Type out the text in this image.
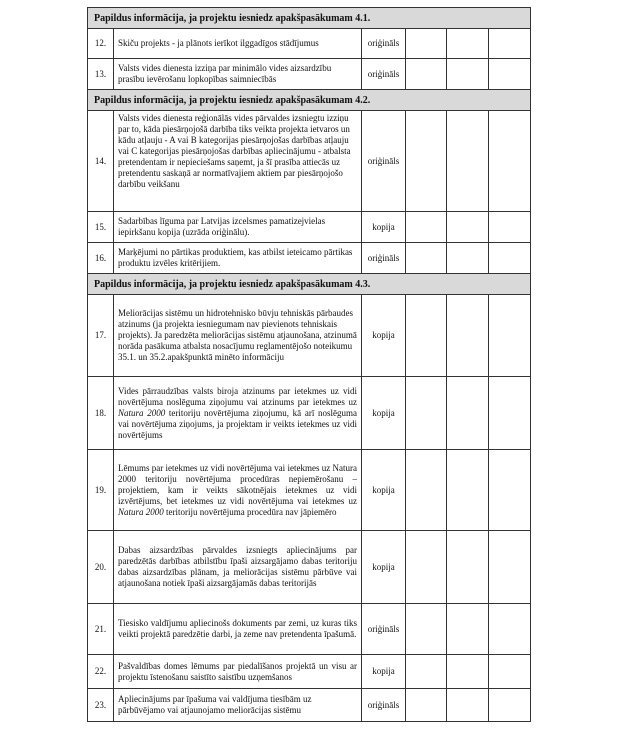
Papildus informācija, ja projektu iesniedz apakšpasākumam 4.1.					
12.	Skiču projekts - ja plānots ierīkot ilggadīgos stādījumus	oriģināls			
13.	Valsts vides dienesta izziņa par minimālo vides aizsardzību prasību ievērošanu lopkopības saimniecībās	oriģināls			
Papildus informācija, ja projektu iesniedz apakšpasākumam 4.2.					
14.	Valsts vides dienesta reģionālās vides pārvaldes izsniegtu izziņu par to, kāda piesārņojošā darbība tiks veikta projekta ietvaros un kādu atļauju - A vai B kategorijas piesārņojošas darbības atļauju vai C kategorijas piesārņojošas darbības apliecinājumu - atbalsta pretendentam ir nepieciešams saņemt, ja šī prasība attiecās uz pretendentu saskaņā ar normatīvajiem aktiem par piesārņojošo darbību veikšanu	oriģināls			
15.	Sadarbības līguma par Latvijas izcelsmes pamatizejvielas iepirkšanu kopija (uzrāda oriģinālu).	kopija			
16.	Marķējumi no pārtikas produktiem, kas atbilst ieteicamo pārtikas produktu izvēles kritērijiem.	oriģināls			
Papildus informācija, ja projektu iesniedz apakšpasākumam 4.3.					
17.	Meliorācijas sistēmu un hidrotehnisko būvju tehniskās pārbaudes atzinums (ja projekta iesniegumam nav pievienots tehniskais projekts). Ja paredzēta meliorācijas sistēmu atjaunošana, atzinumā norāda pasākuma atbalsta nosacījumu reglamentējošo noteikumu 35.1. un 35.2.apakšpunktā minēto informāciju	kopija			
18.	Vides pārraudzības valsts biroja atzinums par ietekmes uz vidi novērtējuma noslēguma ziņojumu vai atzinums par ietekmes uz Natura 2000 teritoriju novērtējuma ziņojumu, kā arī noslēguma vai novērtējuma ziņojums, ja projektam ir veikts ietekmes uz vidi novērtējums	kopija			
19.	Lēmums par ietekmes uz vidi novērtējuma vai ietekmes uz Natura 2000 teritoriju novērtējuma procedūras nepiemērošanu – projektiem, kam ir veikts sākotnējais ietekmes uz vidi izvērtējums, bet ietekmes uz vidi novērtējuma vai ietekmes uz Natura 2000 teritoriju novērtējuma procedūra nav jāpiemēro	kopija			
20.	Dabas aizsardzības pārvaldes izsniegts apliecinājums par paredzētās darbības atbilstību īpaši aizsargājamo dabas teritoriju dabas aizsardzības plānam, ja meliorācijas sistēmu pārbūve vai atjaunošana notiek īpaši aizsargājamās dabas teritorijās	kopija			
21.	Tiesisko valdījumu apliecinošs dokuments par zemi, uz kuras tiks veikti projektā paredzētie darbi, ja zeme nav pretendenta īpašumā.	oriģināls			
22.	Pašvaldības domes lēmums par piedalīšanos projektā un visu ar projektu īstenošanu saistīto saistību uzņemšanos	kopija			
23.	Apliecinājums par īpašuma vai valdījuma tiesībām uz pārbūvējamo vai atjaunojamo meliorācijas sistēmu	oriģināls			
